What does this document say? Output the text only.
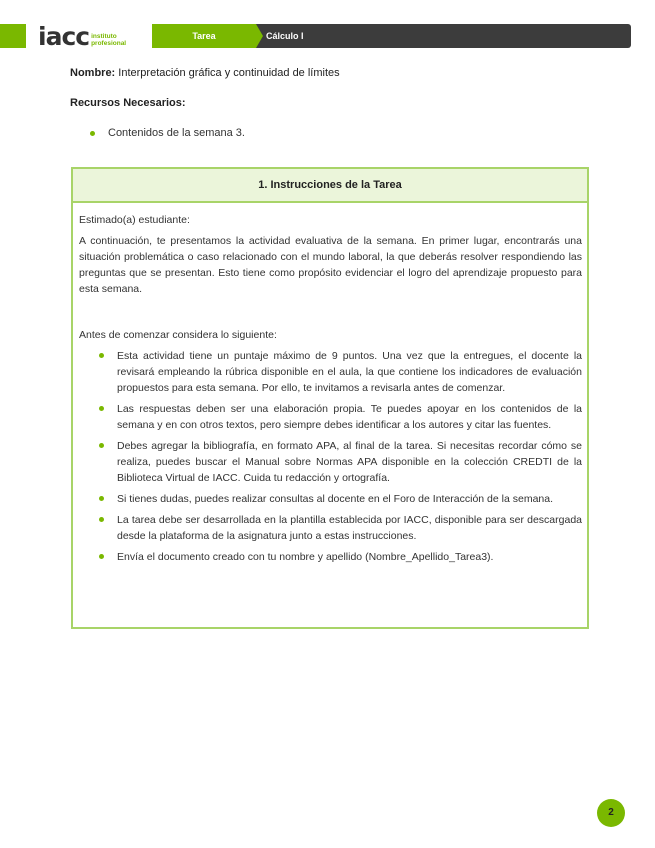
iacc instituto
profesional
Tarea	Cálculo I
Nombre: Interpretación gráfica y continuidad de límites
Recursos Necesarios:
Contenidos de la semana 3.
1. Instrucciones de la Tarea

Estimado(a) estudiante:

A continuación, te presentamos la actividad evaluativa de la semana. En primer lugar, encontrarás una situación problemática o caso relacionado con el mundo laboral, la que deberás resolver respondiendo las preguntas que se presentan. Esto tiene como propósito evidenciar el logro del aprendizaje propuesto para esta semana.

Antes de comenzar considera lo siguiente:

Esta actividad tiene un puntaje máximo de 9 puntos. Una vez que la entregues, el docente la revisará empleando la rúbrica disponible en el aula, la que contiene los indicadores de evaluación propuestos para esta semana. Por ello, te invitamos a revisarla antes de comenzar.
Las respuestas deben ser una elaboración propia. Te puedes apoyar en los contenidos de la semana y en con otros textos, pero siempre debes identificar a los autores y citar las fuentes.
Debes agregar la bibliografía, en formato APA, al final de la tarea. Si necesitas recordar cómo se realiza, puedes buscar el Manual sobre Normas APA disponible en la colección CREDTI de la Biblioteca Virtual de IACC. Cuida tu redacción y ortografía.
Si tienes dudas, puedes realizar consultas al docente en el Foro de Interacción de la semana.
La tarea debe ser desarrollada en la plantilla establecida por IACC, disponible para ser descargada desde la plataforma de la asignatura junto a estas instrucciones.
Envía el documento creado con tu nombre y apellido (Nombre_Apellido_Tarea3).
2
